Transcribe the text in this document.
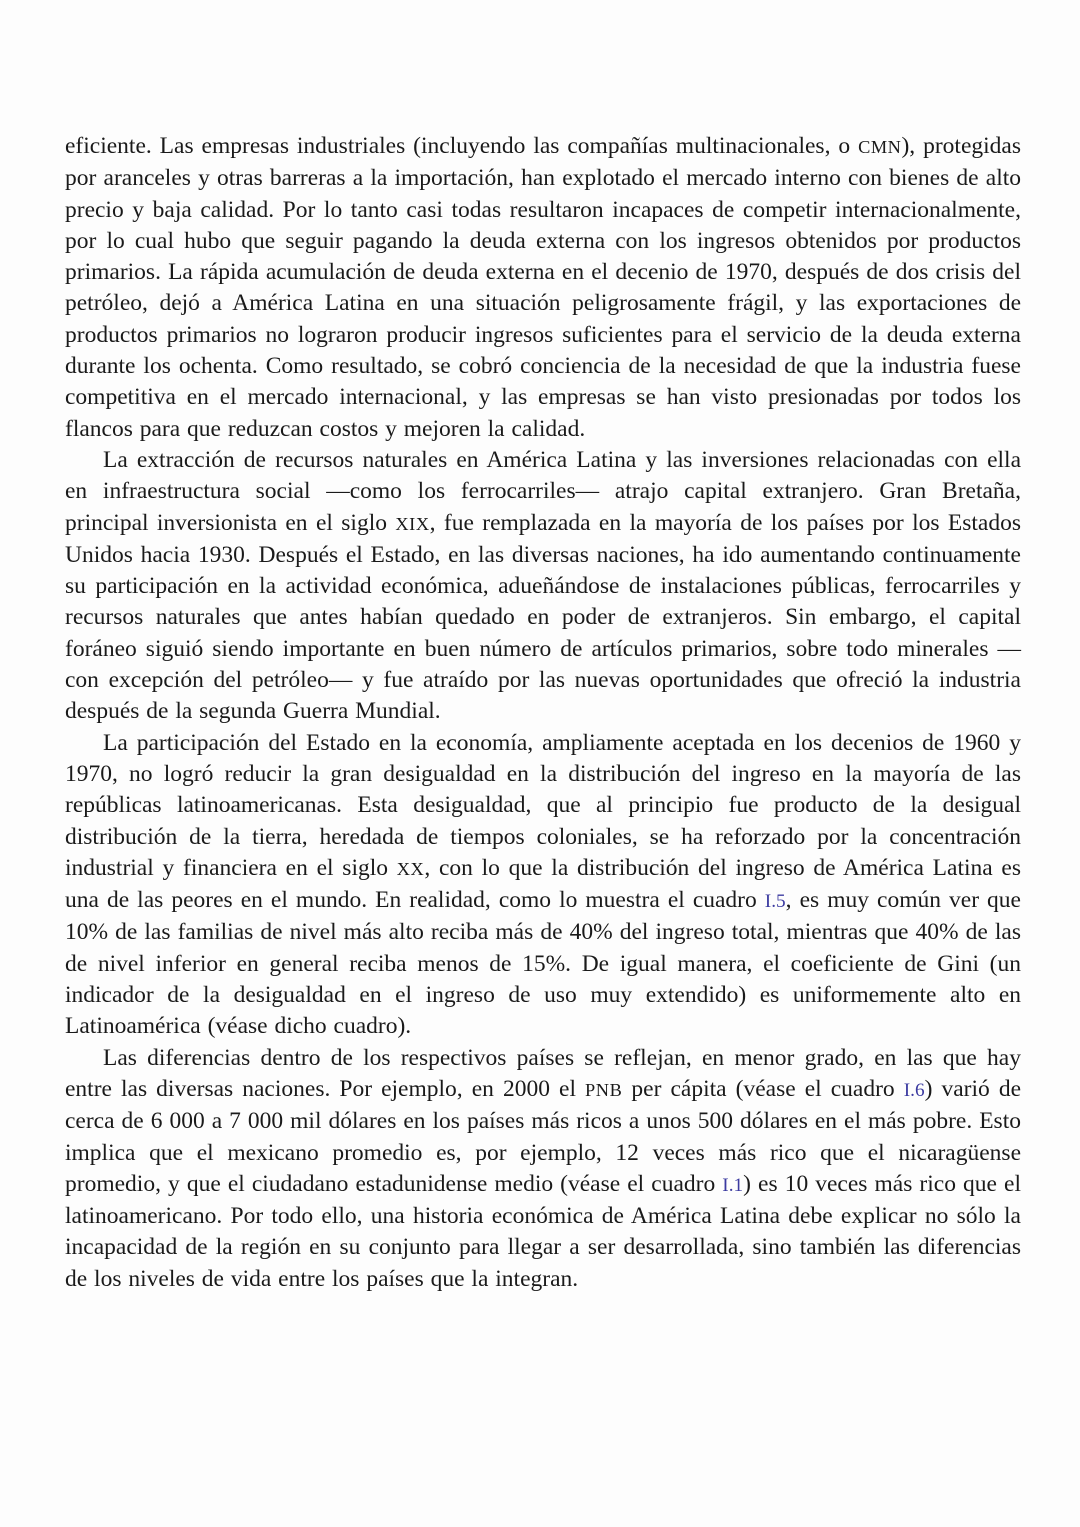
eficiente. Las empresas industriales (incluyendo las compañías multinacionales, o CMN), protegidas por aranceles y otras barreras a la importación, han explotado el mercado interno con bienes de alto precio y baja calidad. Por lo tanto casi todas resultaron incapaces de competir internacionalmente, por lo cual hubo que seguir pagando la deuda externa con los ingresos obtenidos por productos primarios. La rápida acumulación de deuda externa en el decenio de 1970, después de dos crisis del petróleo, dejó a América Latina en una situación peligrosamente frágil, y las exportaciones de productos primarios no lograron producir ingresos suficientes para el servicio de la deuda externa durante los ochenta. Como resultado, se cobró conciencia de la necesidad de que la industria fuese competitiva en el mercado internacional, y las empresas se han visto presionadas por todos los flancos para que reduzcan costos y mejoren la calidad.

La extracción de recursos naturales en América Latina y las inversiones relacionadas con ella en infraestructura social —como los ferrocarriles— atrajo capital extranjero. Gran Bretaña, principal inversionista en el siglo XIX, fue remplazada en la mayoría de los países por los Estados Unidos hacia 1930. Después el Estado, en las diversas naciones, ha ido aumentando continuamente su participación en la actividad económica, adueñándose de instalaciones públicas, ferrocarriles y recursos naturales que antes habían quedado en poder de extranjeros. Sin embargo, el capital foráneo siguió siendo importante en buen número de artículos primarios, sobre todo minerales —con excepción del petróleo— y fue atraído por las nuevas oportunidades que ofreció la industria después de la segunda Guerra Mundial.

La participación del Estado en la economía, ampliamente aceptada en los decenios de 1960 y 1970, no logró reducir la gran desigualdad en la distribución del ingreso en la mayoría de las repúblicas latinoamericanas. Esta desigualdad, que al principio fue producto de la desigual distribución de la tierra, heredada de tiempos coloniales, se ha reforzado por la concentración industrial y financiera en el siglo XX, con lo que la distribución del ingreso de América Latina es una de las peores en el mundo. En realidad, como lo muestra el cuadro I.5, es muy común ver que 10% de las familias de nivel más alto reciba más de 40% del ingreso total, mientras que 40% de las de nivel inferior en general reciba menos de 15%. De igual manera, el coeficiente de Gini (un indicador de la desigualdad en el ingreso de uso muy extendido) es uniformemente alto en Latinoamérica (véase dicho cuadro).

Las diferencias dentro de los respectivos países se reflejan, en menor grado, en las que hay entre las diversas naciones. Por ejemplo, en 2000 el PNB per cápita (véase el cuadro I.6) varió de cerca de 6 000 a 7 000 mil dólares en los países más ricos a unos 500 dólares en el más pobre. Esto implica que el mexicano promedio es, por ejemplo, 12 veces más rico que el nicaragüense promedio, y que el ciudadano estadunidense medio (véase el cuadro I.1) es 10 veces más rico que el latinoamericano. Por todo ello, una historia económica de América Latina debe explicar no sólo la incapacidad de la región en su conjunto para llegar a ser desarrollada, sino también las diferencias de los niveles de vida entre los países que la integran.
